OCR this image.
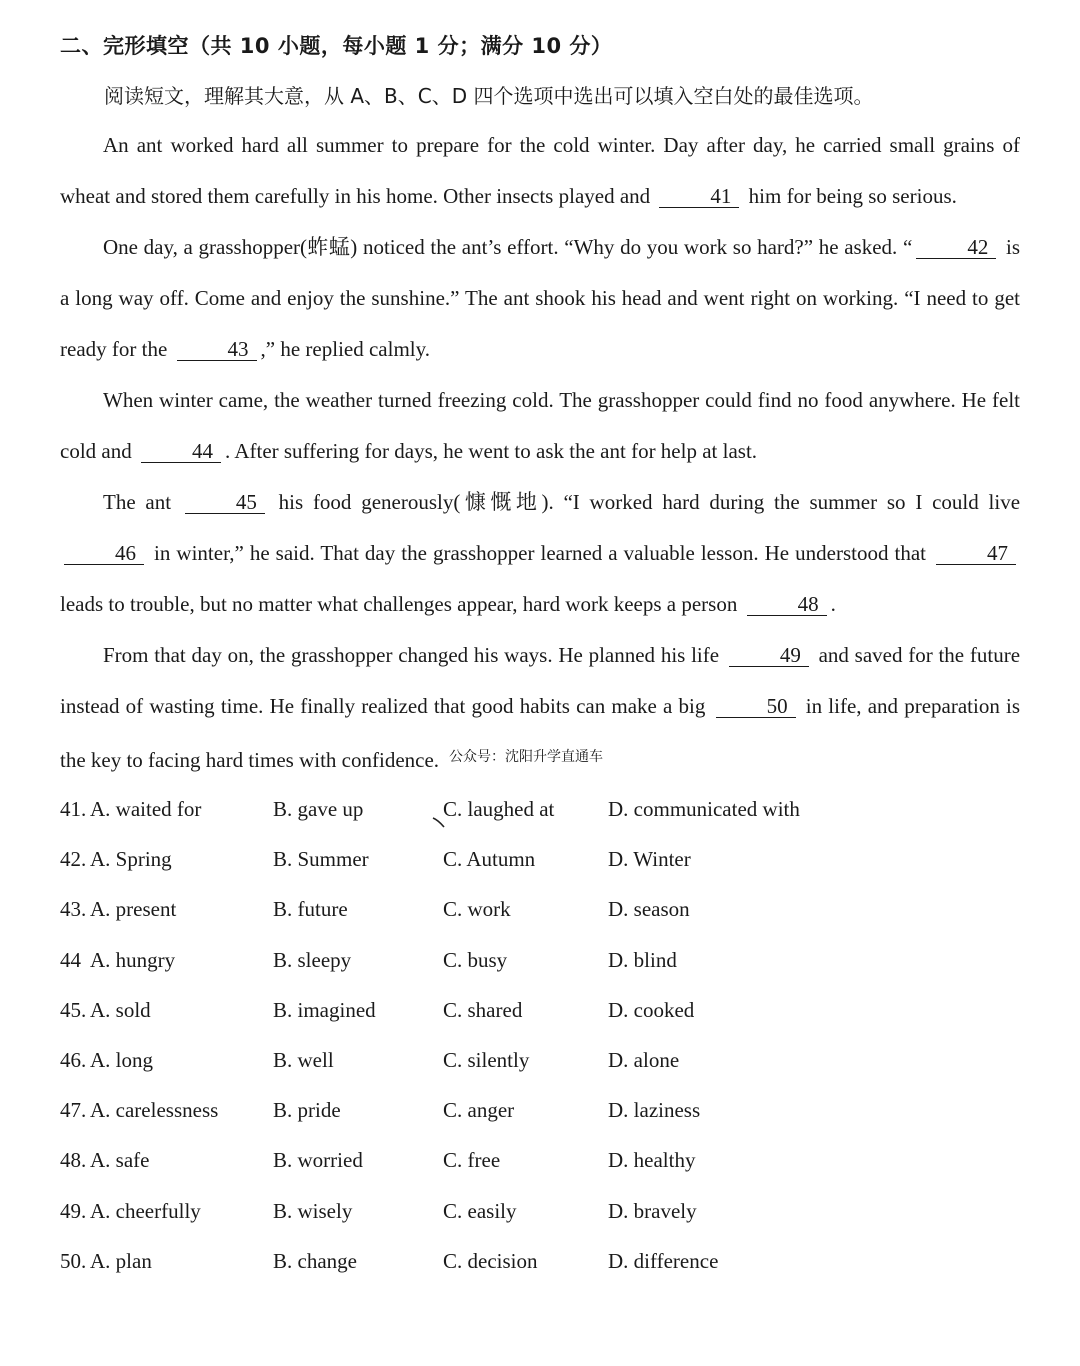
二、完形填空（共 10 小题，每小题 1 分；满分 10 分）
阅读短文，理解其大意，从 A、B、C、D 四个选项中选出可以填入空白处的最佳选项。

An ant worked hard all summer to prepare for the cold winter. Day after day, he carried small grains of wheat and stored them carefully in his home. Other insects played and	41 him for being so serious.

One day, a grasshopper(蚱蜢) noticed the ant’s effort. “Why do you work so hard?” he asked. “	42 is a long way off. Come and enjoy the sunshine.” The ant shook his head and went right on working. “I need to get ready for the	43 ,” he replied calmly.

When winter came, the weather turned freezing cold. The grasshopper could find no food anywhere. He felt cold and	44 . After suffering for days, he went to ask the ant for help at last.

The ant	45 his food generously(慷慨地). “I worked hard during the summer so I could live 46 in winter,” he said. That day the grasshopper learned a valuable lesson. He understood that	47 leads to trouble, but no matter what challenges appear, hard work keeps a person	48 .

From that day on, the grasshopper changed his ways. He planned his life	49 and saved for the future instead of wasting time. He finally realized that good habits can make a big	50 in life, and preparation is the key to facing hard times with confidence. $^{公众号:沈阳升学直通车}$

41. A. waited for	B. gave up	C. laughed at	D. communicated with
42. A. Spring	B. Summer	C. Autumn	D. Winter
43. A. present	B. future	C. work	D. season
44 A. hungry	B. sleepy	C. busy	D. blind
45. A. sold	B. imagined	C. shared	D. cooked
46. A. long	B. well	C. silently	D. alone
47. A. carelessness	B. pride	C. anger	D. laziness
48. A. safe	B. worried	C. free	D. healthy
49. A. cheerfully	B. wisely	C. easily	D. bravely
50. A. plan	B. change	C. decision	D. difference
